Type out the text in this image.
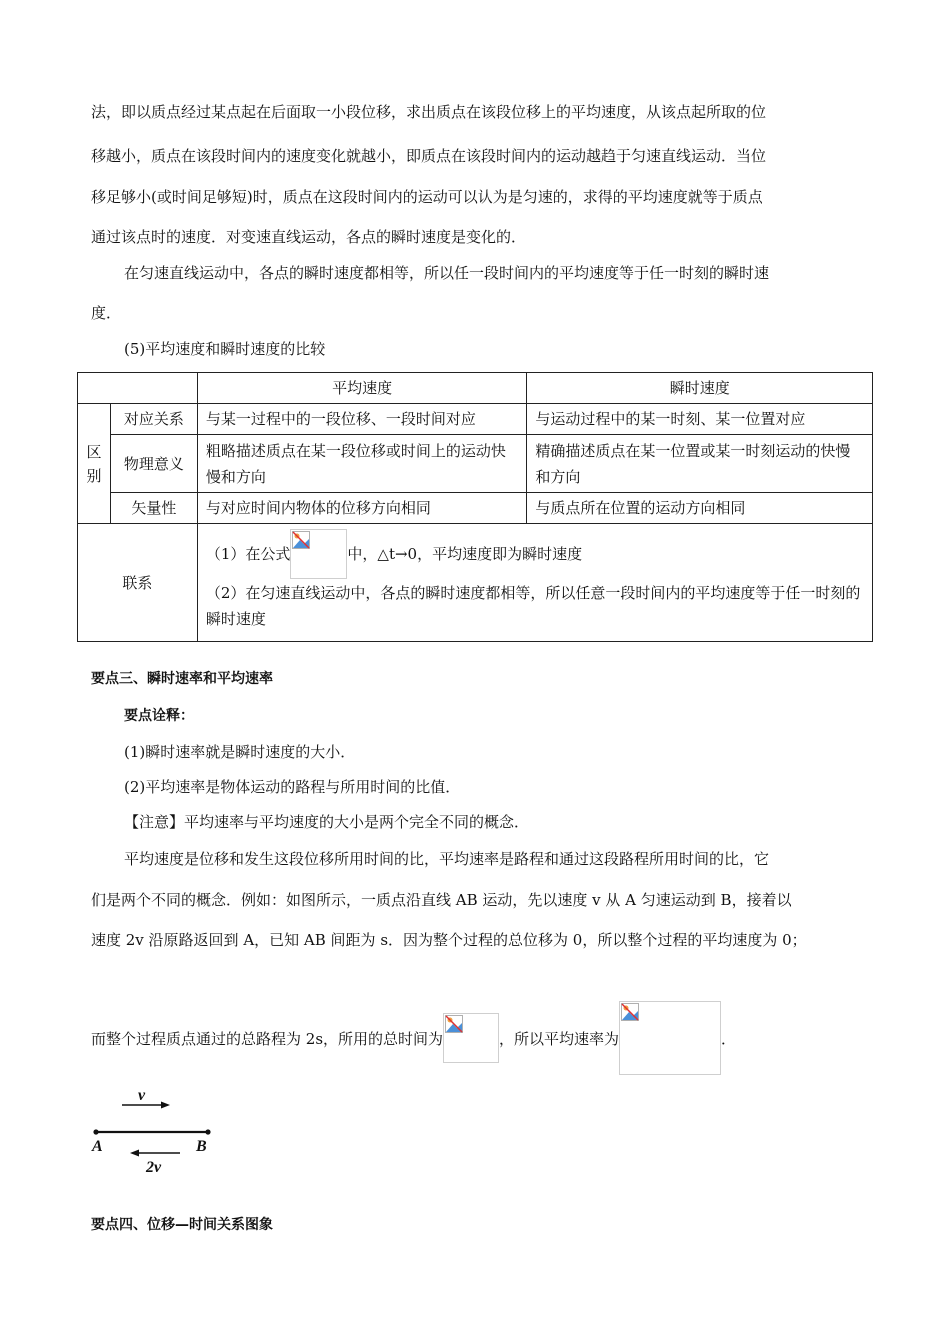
法，即以质点经过某点起在后面取一小段位移，求出质点在该段位移上的平均速度，从该点起所取的位
移越小，质点在该段时间内的速度变化就越小，即质点在该段时间内的运动越趋于匀速直线运动．当位
移足够小(或时间足够短)时，质点在这段时间内的运动可以认为是匀速的，求得的平均速度就等于质点
通过该点时的速度．对变速直线运动，各点的瞬时速度是变化的．
在匀速直线运动中，各点的瞬时速度都相等，所以任一段时间内的平均速度等于任一时刻的瞬时速
度．
(5)平均速度和瞬时速度的比较
		平均速度	瞬时速度
区
别	对应关系	与某一过程中的一段位移、一段时间对应	与运动过程中的某一时刻、某一位置对应
	物理意义	粗略描述质点在某一段位移或时间上的运动快慢和方向	精确描述质点在某一位置或某一时刻运动的快慢和方向
	矢量性	与对应时间内物体的位移方向相同	与质点所在位置的运动方向相同
联系		（1）在公式 中，△t→0，平均速度即为瞬时速度
（2）在匀速直线运动中，各点的瞬时速度都相等，所以任意一段时间内的平均速度等于任一时刻的瞬时速度	
要点三、瞬时速率和平均速率
要点诠释：
(1)瞬时速率就是瞬时速度的大小．
(2)平均速率是物体运动的路程与所用时间的比值．
【注意】平均速率与平均速度的大小是两个完全不同的概念．
平均速度是位移和发生这段位移所用时间的比，平均速率是路程和通过这段路程所用时间的比，它
们是两个不同的概念．例如：如图所示，一质点沿直线 AB 运动，先以速度 v 从 A 匀速运动到 B，接着以
速度 2v 沿原路返回到 A，已知 AB 间距为 s．因为整个过程的总位移为 0，所以整个过程的平均速度为 0；
而整个过程质点通过的总路程为 2s，所用的总时间为	，所以平均速率为	．
v
A	B
2v
要点四、位移—时间关系图象
